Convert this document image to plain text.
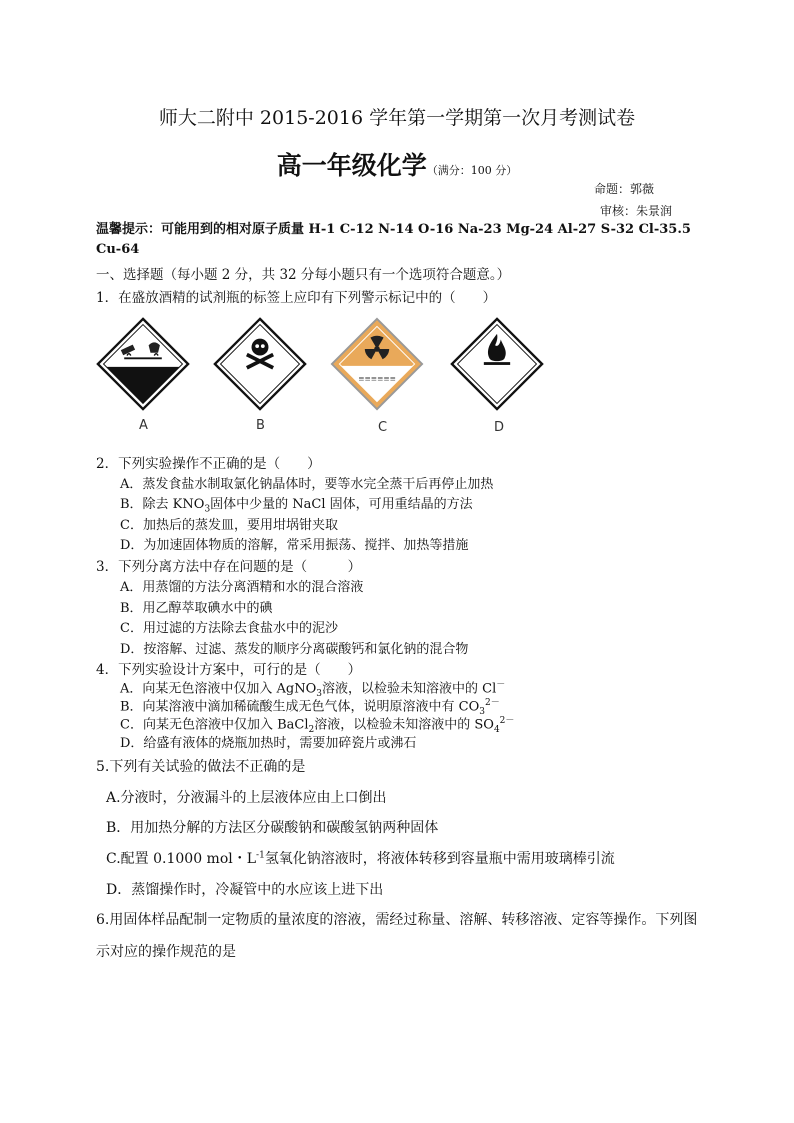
师大二附中 2015-2016 学年第一学期第一次月考测试卷
高一年级化学（满分：100 分）
命题：郭薇
审核：朱景润
温馨提示：可能用到的相对原子质量 H-1 C-12 N-14 O-16 Na-23 Mg-24 Al-27 S-32 Cl-35.5 Cu-64
一、选择题（每小题 2 分，共 32 分每小题只有一个选项符合题意。）
1．在盛放酒精的试剂瓶的标签上应印有下列警示标记中的（　　）
≡≡≡≡≡≡
A	B	C	D
2．下列实验操作不正确的是（　　）
A．蒸发食盐水制取氯化钠晶体时，要等水完全蒸干后再停止加热
B．除去 $KNO_3$固体中少量的 NaCl 固体，可用重结晶的方法
C．加热后的蒸发皿，要用坩埚钳夹取
D．为加速固体物质的溶解，常采用振荡、搅拌、加热等措施
3．下列分离方法中存在问题的是（　　　）
A．用蒸馏的方法分离酒精和水的混合溶液
B．用乙醇萃取碘水中的碘
C．用过滤的方法除去食盐水中的泥沙
D．按溶解、过滤、蒸发的顺序分离碳酸钙和氯化钠的混合物
4．下列实验设计方案中，可行的是（　　）
A．向某无色溶液中仅加入 AgNO$_3$溶液，以检验未知溶液中的 Cl－
B．向某溶液中滴加稀硫酸生成无色气体，说明原溶液中有 $CO_3^{2-}$
C．向某无色溶液中仅加入 BaCl$_2$溶液，以检验未知溶液中的 $SO_4^{2-}$
D．给盛有液体的烧瓶加热时，需要加碎瓷片或沸石
5.下列有关试验的做法不正确的是
A.分液时，分液漏斗的上层液体应由上口倒出
B．用加热分解的方法区分碳酸钠和碳酸氢钠两种固体
C.配置 0.1000 mol・$L^{-1}$氢氧化钠溶液时，将液体转移到容量瓶中需用玻璃棒引流
D．蒸馏操作时，冷凝管中的水应该上进下出
6.用固体样品配制一定物质的量浓度的溶液，需经过称量、溶解、转移溶液、定容等操作。下列图示对应的操作规范的是
